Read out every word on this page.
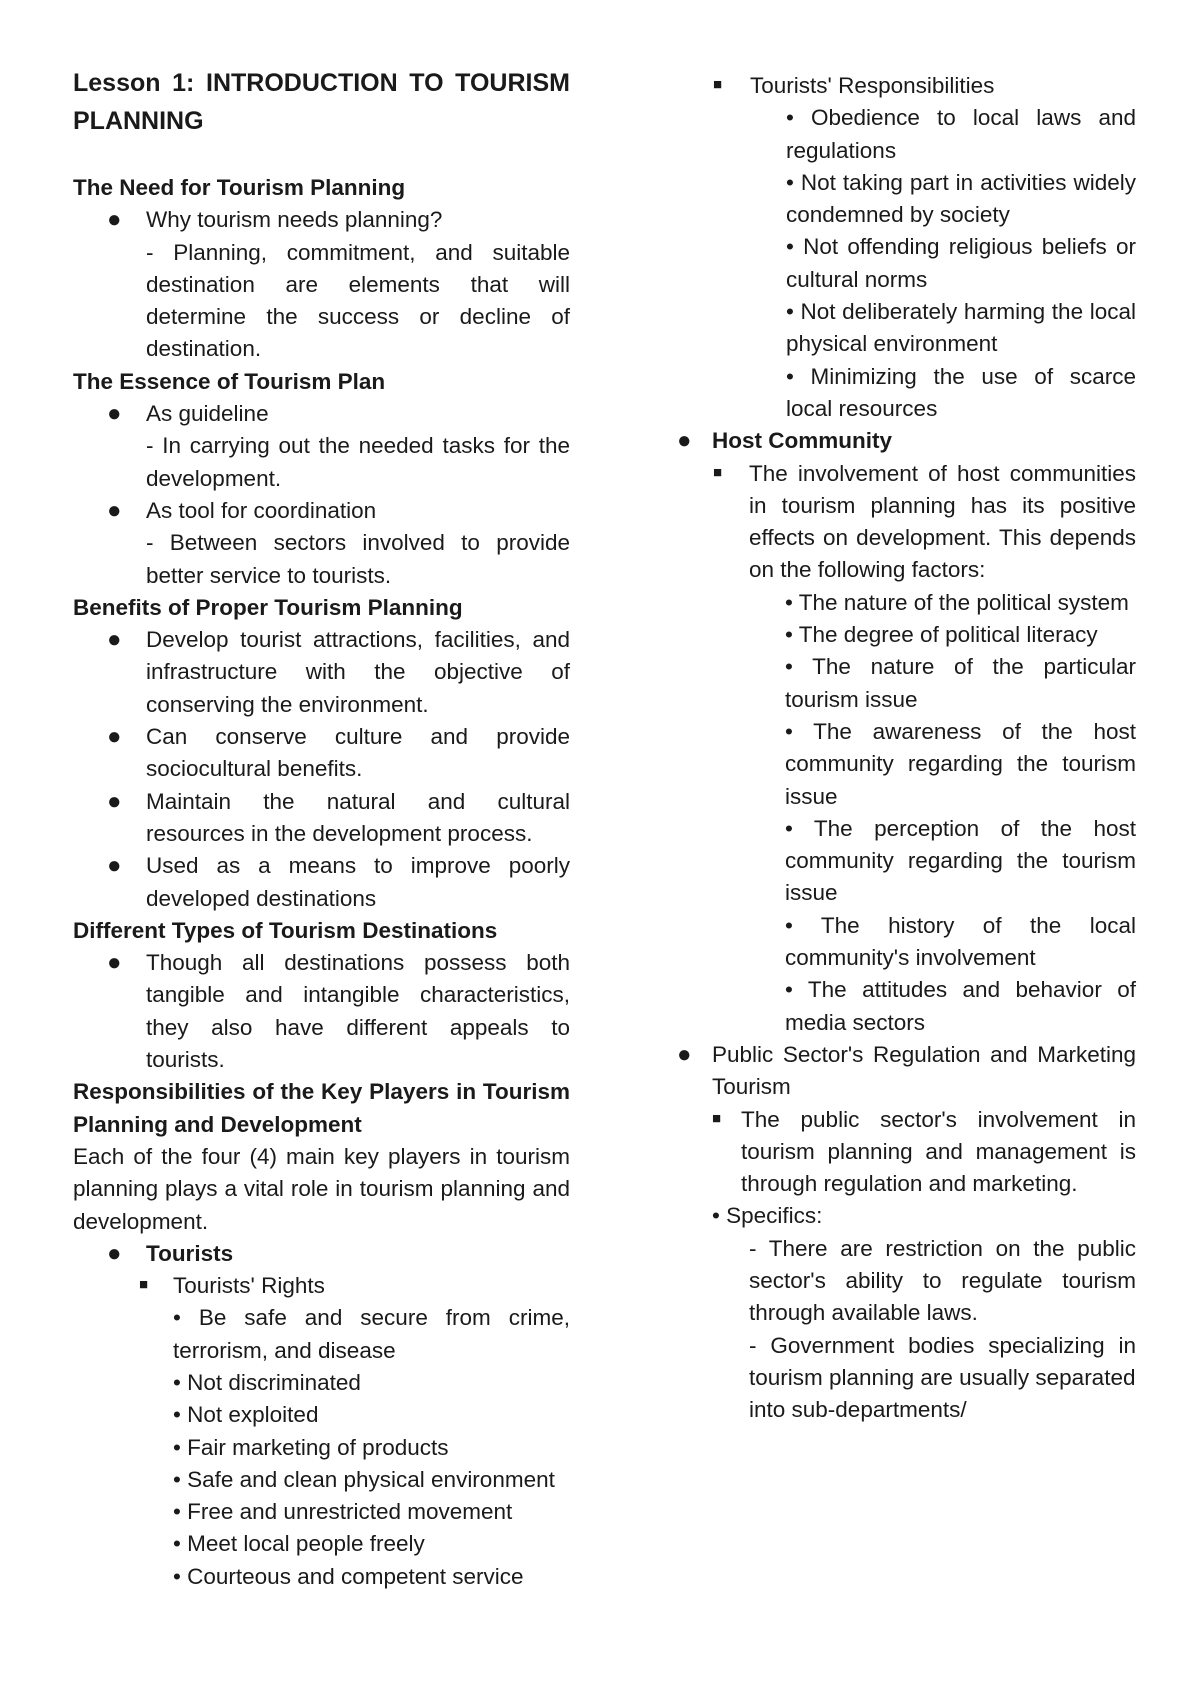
Lesson 1: INTRODUCTION TO TOURISM PLANNING
The Need for Tourism Planning
● Why tourism needs planning?
- Planning, commitment, and suitable destination are elements that will determine the success or decline of destination.
The Essence of Tourism Plan
● As guideline
- In carrying out the needed tasks for the development.
● As tool for coordination
- Between sectors involved to provide better service to tourists.
Benefits of Proper Tourism Planning
● Develop tourist attractions, facilities, and infrastructure with the objective of conserving the environment.
● Can conserve culture and provide sociocultural benefits.
● Maintain the natural and cultural resources in the development process.
● Used as a means to improve poorly developed destinations
Different Types of Tourism Destinations
● Though all destinations possess both tangible and intangible characteristics, they also have different appeals to tourists.
Responsibilities of the Key Players in Tourism Planning and Development

Each of the four (4) main key players in tourism planning plays a vital role in tourism planning and development.

● Tourists
■ Tourists' Rights
• Be safe and secure from crime, terrorism, and disease
• Not discriminated
• Not exploited
• Fair marketing of products
• Safe and clean physical environment
• Free and unrestricted movement
• Meet local people freely
• Courteous and competent service
■ Tourists' Responsibilities
• Obedience to local laws and regulations
• Not taking part in activities widely condemned by society
• Not offending religious beliefs or cultural norms
• Not deliberately harming the local physical environment
• Minimizing the use of scarce local resources
● Host Community
■ The involvement of host communities in tourism planning has its positive effects on development. This depends on the following factors:
• The nature of the political system
• The degree of political literacy
• The nature of the particular tourism issue
• The awareness of the host community regarding the tourism issue
• The perception of the host community regarding the tourism issue
• The history of the local community's involvement
• The attitudes and behavior of media sectors
● Public Sector's Regulation and Marketing Tourism
■ The public sector's involvement in tourism planning and management is through regulation and marketing.
• Specifics:
- There are restriction on the public sector's ability to regulate tourism through available laws.
- Government bodies specializing in tourism planning are usually separated
into sub-departments/
